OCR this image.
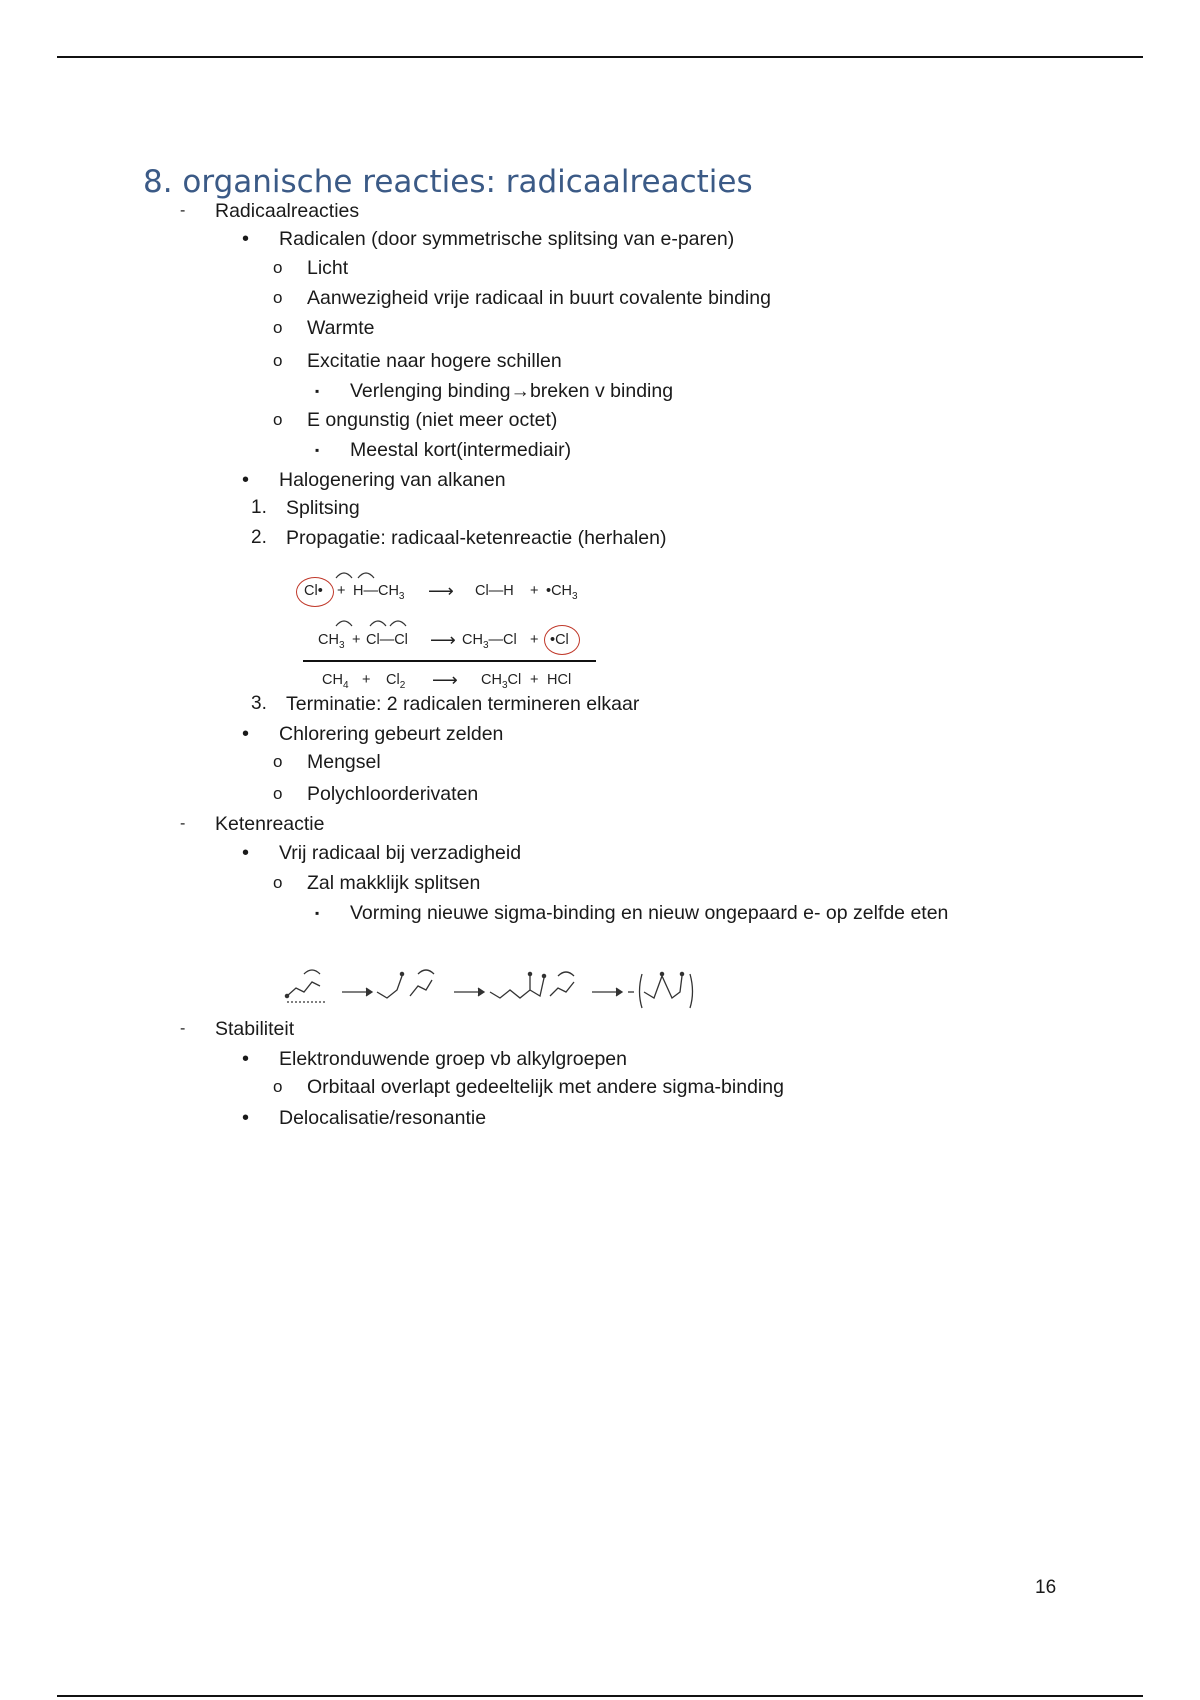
8. organische reacties: radicaalreacties
- Radicaalreacties
• Radicalen (door symmetrische splitsing van e-paren)
o Licht
o Aanwezigheid vrije radicaal in buurt covalente binding
o Warmte
o Excitatie naar hogere schillen
▪ Verlenging binding→breken v binding
o E ongunstig (niet meer octet)
▪ Meestal kort(intermediair)
• Halogenering van alkanen
1. Splitsing
2. Propagatie: radicaal-ketenreactie (herhalen)
3. Terminatie: 2 radicalen termineren elkaar
• Chlorering gebeurt zelden
o Mengsel
o Polychloorderivaten
- Ketenreactie
• Vrij radicaal bij verzadigheid
o Zal makklijk splitsen
▪ Vorming nieuwe sigma-binding en nieuw ongepaard e- op zelfde eten
- Stabiliteit
• Elektronduwende groep vb alkylgroepen
o Orbitaal overlapt gedeeltelijk met andere sigma-binding
• Delocalisatie/resonantie
Cl• + $H—CH_3$ ⟶ Cl—H + $•CH_3$
$CH_3$ + Cl—Cl ⟶ $CH_3—Cl$ + •Cl
$CH_4 + Cl_2$ ⟶ $CH_3Cl$ + HCl
16
